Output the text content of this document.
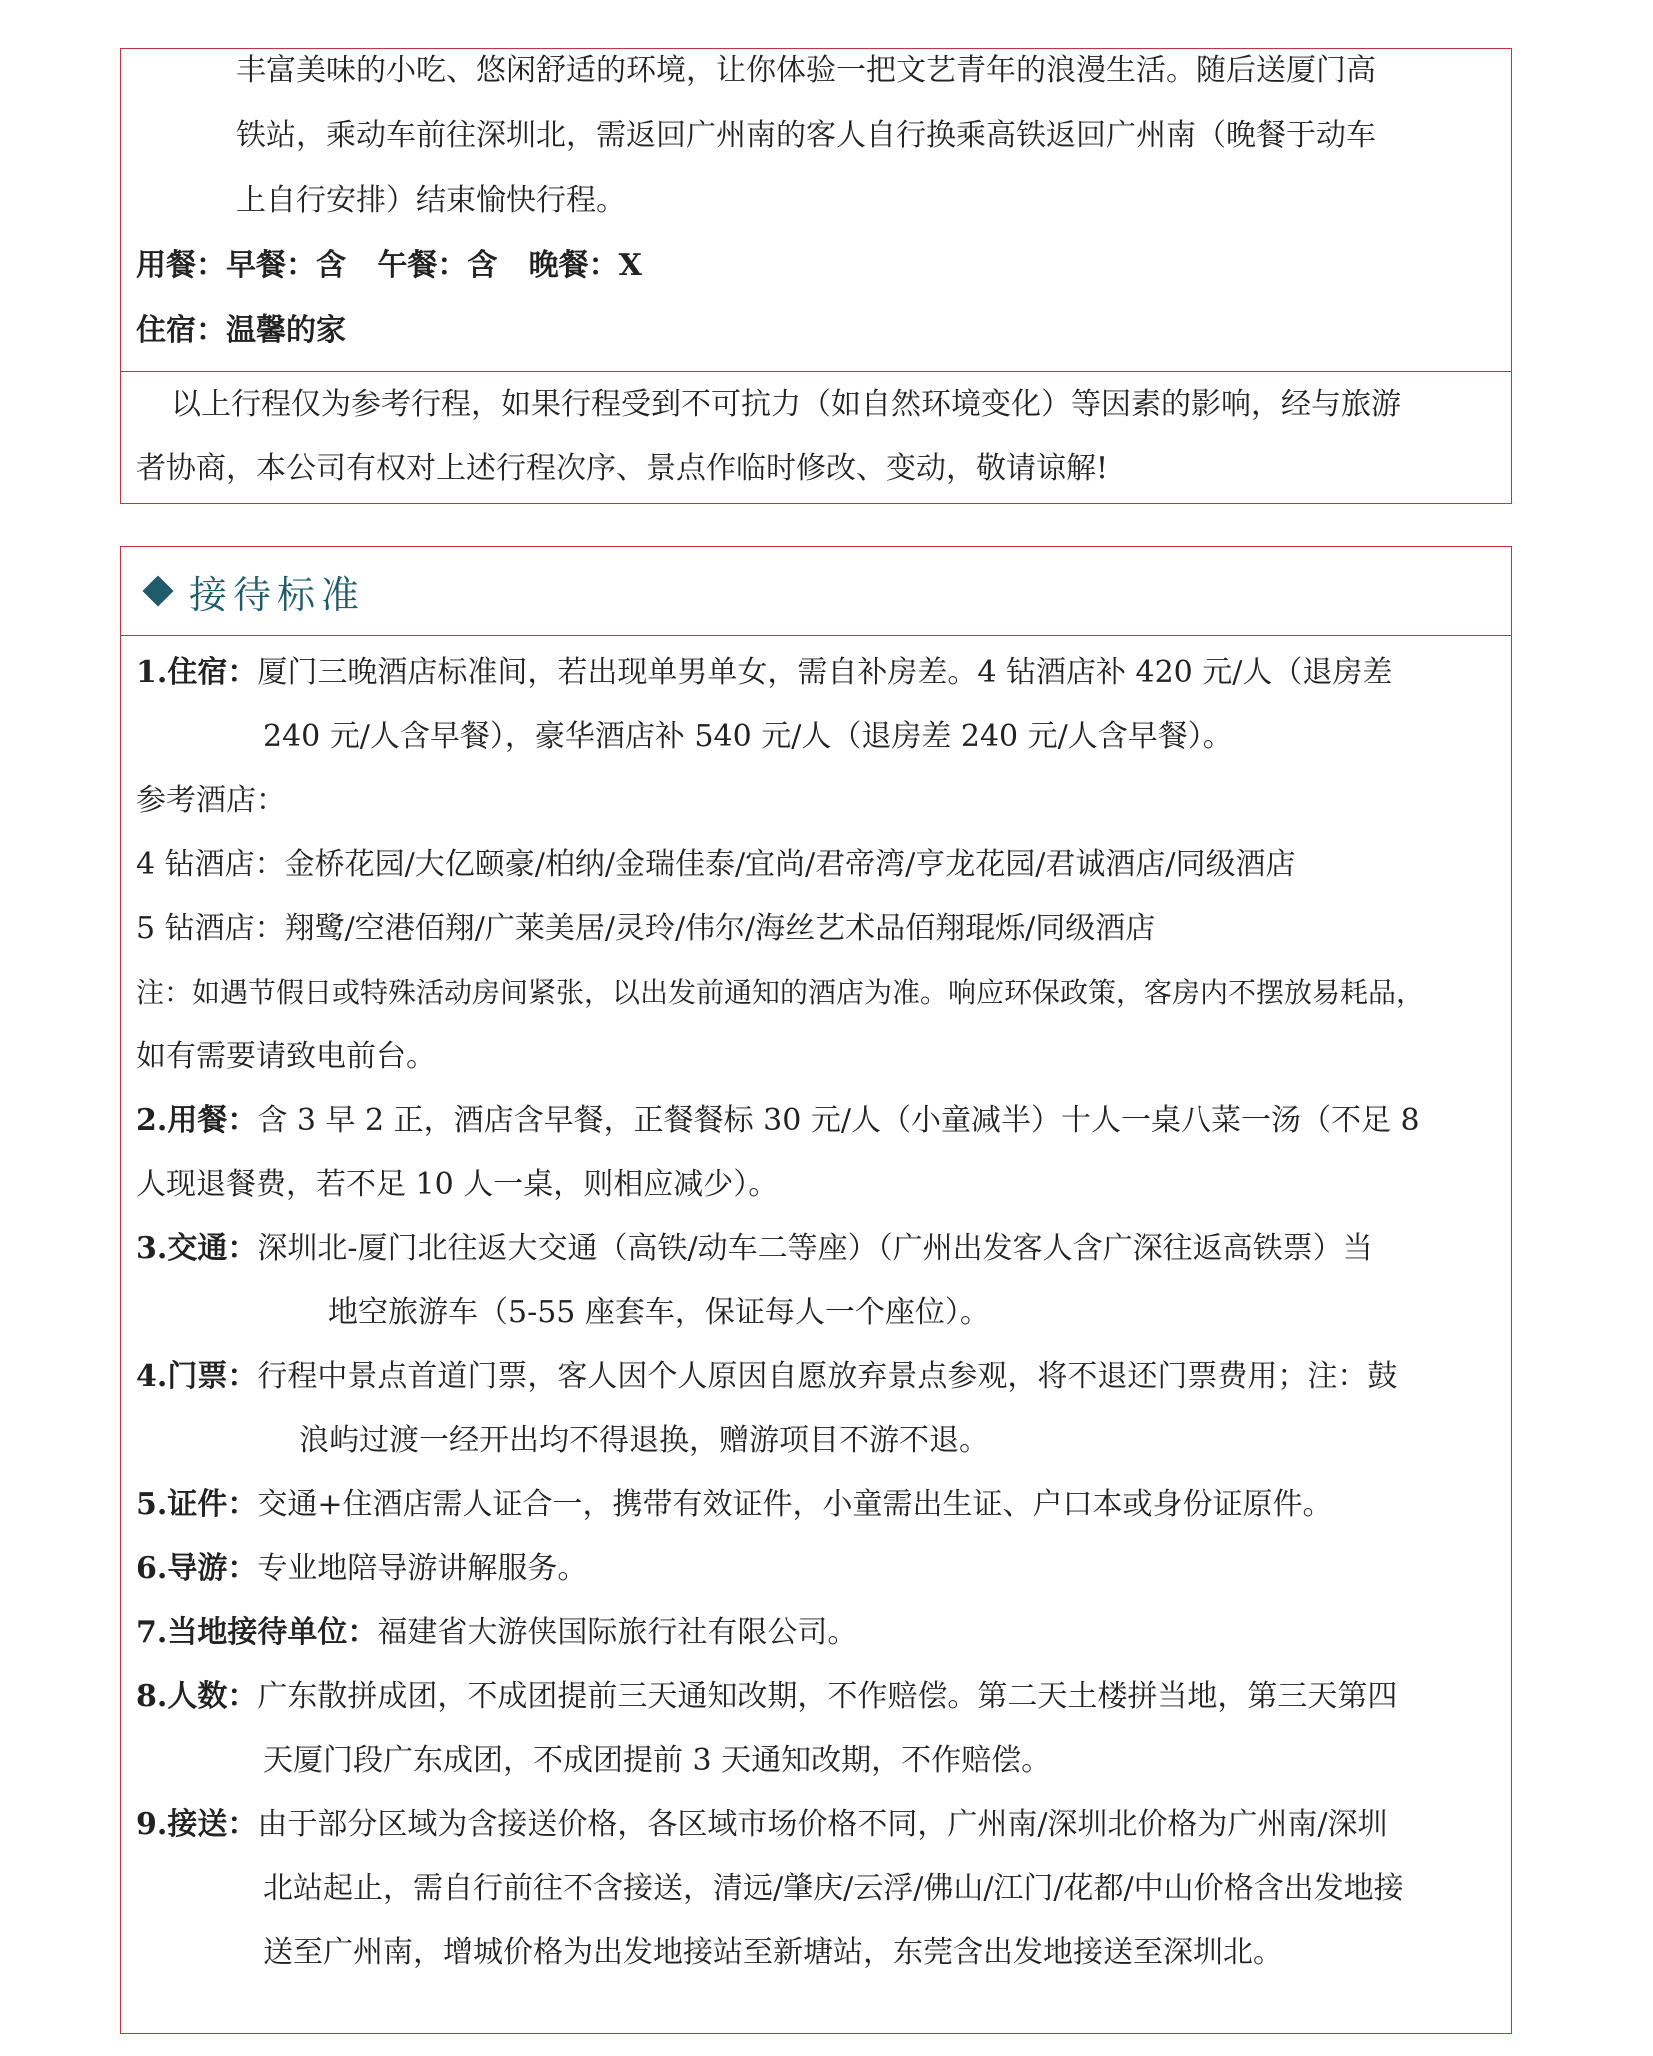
丰富美味的小吃、悠闲舒适的环境，让你体验一把文艺青年的浪漫生活。随后送厦门高
铁站，乘动车前往深圳北，需返回广州南的客人自行换乘高铁返回广州南（晚餐于动车
上自行安排）结束愉快行程。
用餐：早餐：含   午餐：含   晚餐：X
住宿：温馨的家
以上行程仅为参考行程，如果行程受到不可抗力（如自然环境变化）等因素的影响，经与旅游
者协商，本公司有权对上述行程次序、景点作临时修改、变动，敬请谅解!
接待标准
1.住宿：厦门三晚酒店标准间，若出现单男单女，需自补房差。4 钻酒店补 420 元/人（退房差
240 元/人含早餐），豪华酒店补 540 元/人（退房差 240 元/人含早餐）。
参考酒店：
4 钻酒店：金桥花园/大亿颐豪/柏纳/金瑞佳泰/宜尚/君帝湾/亨龙花园/君诚酒店/同级酒店
5 钻酒店：翔鹭/空港佰翔/广莱美居/灵玲/伟尔/海丝艺术品佰翔琨烁/同级酒店
注：如遇节假日或特殊活动房间紧张，以出发前通知的酒店为准。响应环保政策，客房内不摆放易耗品，
如有需要请致电前台。
2.用餐：含 3 早 2 正，酒店含早餐，正餐餐标 30 元/人（小童减半）十人一桌八菜一汤（不足 8
人现退餐费，若不足 10 人一桌，则相应减少）。
3.交通：深圳北-厦门北往返大交通（高铁/动车二等座）（广州出发客人含广深往返高铁票）当
地空旅游车（5-55 座套车，保证每人一个座位）。
4.门票：行程中景点首道门票，客人因个人原因自愿放弃景点参观，将不退还门票费用；注：鼓
浪屿过渡一经开出均不得退换，赠游项目不游不退。
5.证件：交通+住酒店需人证合一，携带有效证件，小童需出生证、户口本或身份证原件。
6.导游：专业地陪导游讲解服务。
7.当地接待单位：福建省大游侠国际旅行社有限公司。
8.人数：广东散拼成团，不成团提前三天通知改期，不作赔偿。第二天土楼拼当地，第三天第四
天厦门段广东成团，不成团提前 3 天通知改期，不作赔偿。
9.接送：由于部分区域为含接送价格，各区域市场价格不同，广州南/深圳北价格为广州南/深圳
北站起止，需自行前往不含接送，清远/肇庆/云浮/佛山/江门/花都/中山价格含出发地接
送至广州南，增城价格为出发地接站至新塘站，东莞含出发地接送至深圳北。
